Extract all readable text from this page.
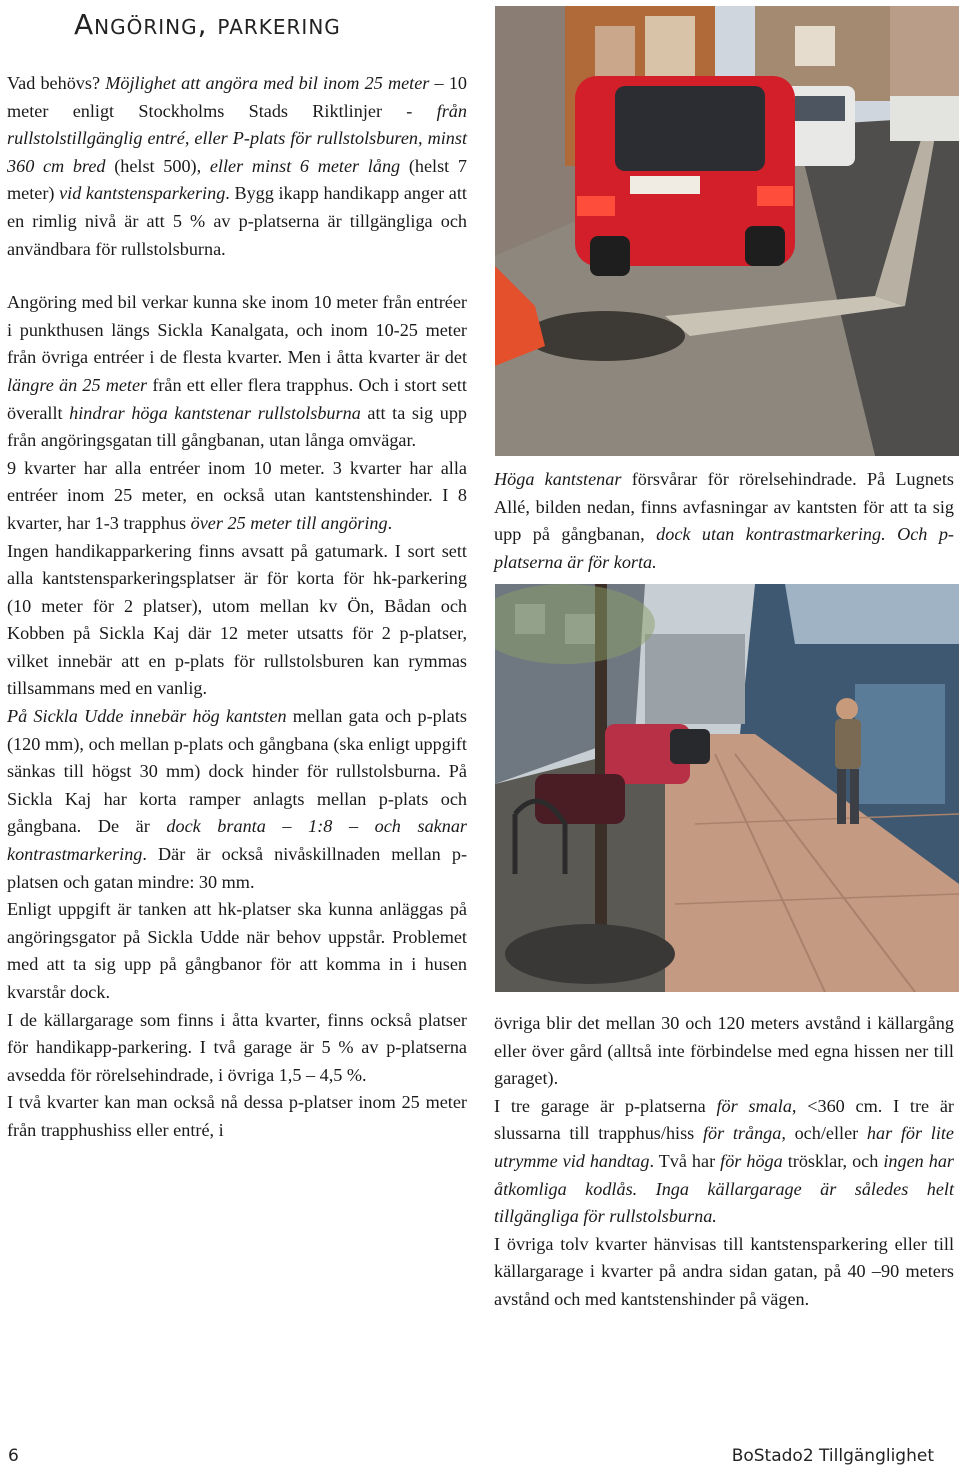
Angöring, parkering

Vad behövs? Möjlighet att angöra med bil inom 25 meter – 10 meter enligt Stockholms Stads Riktlinjer - från rullstolstillgänglig entré, eller P-plats för rullstolsburen, minst 360 cm bred (helst 500), eller minst 6 meter lång (helst 7 meter) vid kantstensparkering. Bygg ikapp handikapp anger att en rimlig nivå är att 5 % av p-platserna är tillgängliga och användbara för rullstolsburna.

Angöring med bil verkar kunna ske inom 10 meter från entréer i punkthusen längs Sickla Kanalgata, och inom 10-25 meter från övriga entréer i de flesta kvarter. Men i åtta kvarter är det längre än 25 meter från ett eller flera trapphus. Och i stort sett överallt hindrar höga kantstenar rullstolsburna att ta sig upp från angöringsgatan till gångbanan, utan långa omvägar.

9 kvarter har alla entréer inom 10 meter. 3 kvarter har alla entréer inom 25 meter, en också utan kantstenshinder. I 8 kvarter, har 1-3 trapphus över 25 meter till angöring.

Ingen handikapparkering finns avsatt på gatumark. I sort sett alla kantstensparkeringsplatser är för korta för hk-parkering (10 meter för 2 platser), utom mellan kv Ön, Bådan och Kobben på Sickla Kaj där 12 meter utsatts för 2 p-platser, vilket innebär att en p-plats för rullstolsburen kan rymmas tillsammans med en vanlig.

På Sickla Udde innebär hög kantsten mellan gata och p-plats (120 mm), och mellan p-plats och gångbana (ska enligt uppgift sänkas till högst 30 mm) dock hinder för rullstolsburna. På Sickla Kaj har korta ramper anlagts mellan p-plats och gångbana. De är dock branta – 1:8 – och saknar kontrastmarkering. Där är också nivåskillnaden mellan p-platsen och gatan mindre: 30 mm.

Enligt uppgift är tanken att hk-platser ska kunna anläggas på angöringsgator på Sickla Udde när behov uppstår. Problemet med att ta sig upp på gångbanor för att komma in i husen kvarstår dock.

I de källargarage som finns i åtta kvarter, finns också platser för handikapp-parkering. I två garage är 5 % av p-platserna avsedda för rörelsehindrade, i övriga 1,5 – 4,5 %.

I två kvarter kan man också nå dessa p-platser inom 25 meter från trapphushiss eller entré, i

Höga kantstenar försvårar för rörelsehindrade. På Lugnets Allé, bilden nedan, finns avfasningar av kantsten för att ta sig upp på gångbanan, dock utan kontrastmarkering. Och p-platserna är för korta.

övriga blir det mellan 30 och 120 meters avstånd i källargång eller över gård (alltså inte förbindelse med egna hissen ner till garaget).

I tre garage är p-platserna för smala, <360 cm. I tre är slussarna till trapphus/hiss för trånga, och/eller har för lite utrymme vid handtag. Två har för höga trösklar, och ingen har åtkomliga kodlås. Inga källargarage är således helt tillgängliga för rullstolsburna.

I övriga tolv kvarter hänvisas till kantstensparkering eller till källargarage i kvarter på andra sidan gatan, på 40 –90 meters avstånd och med kantstenshinder på vägen.

6	BoStado2 Tillgänglighet
